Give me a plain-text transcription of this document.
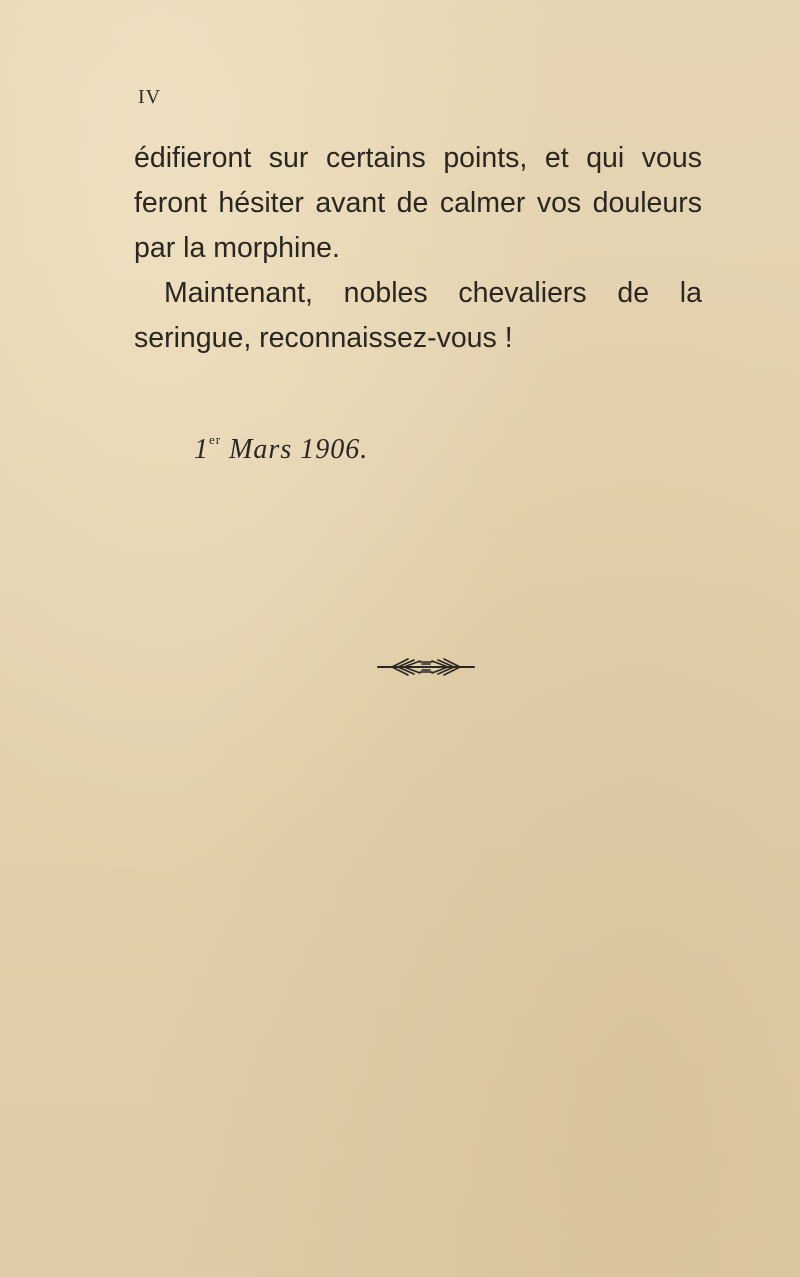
IV
édifieront sur certains points, et qui vous
feront hésiter avant de calmer vos douleurs
par la morphine.
Maintenant, nobles chevaliers de la
seringue, reconnaissez-vous !
1er Mars 1906.
